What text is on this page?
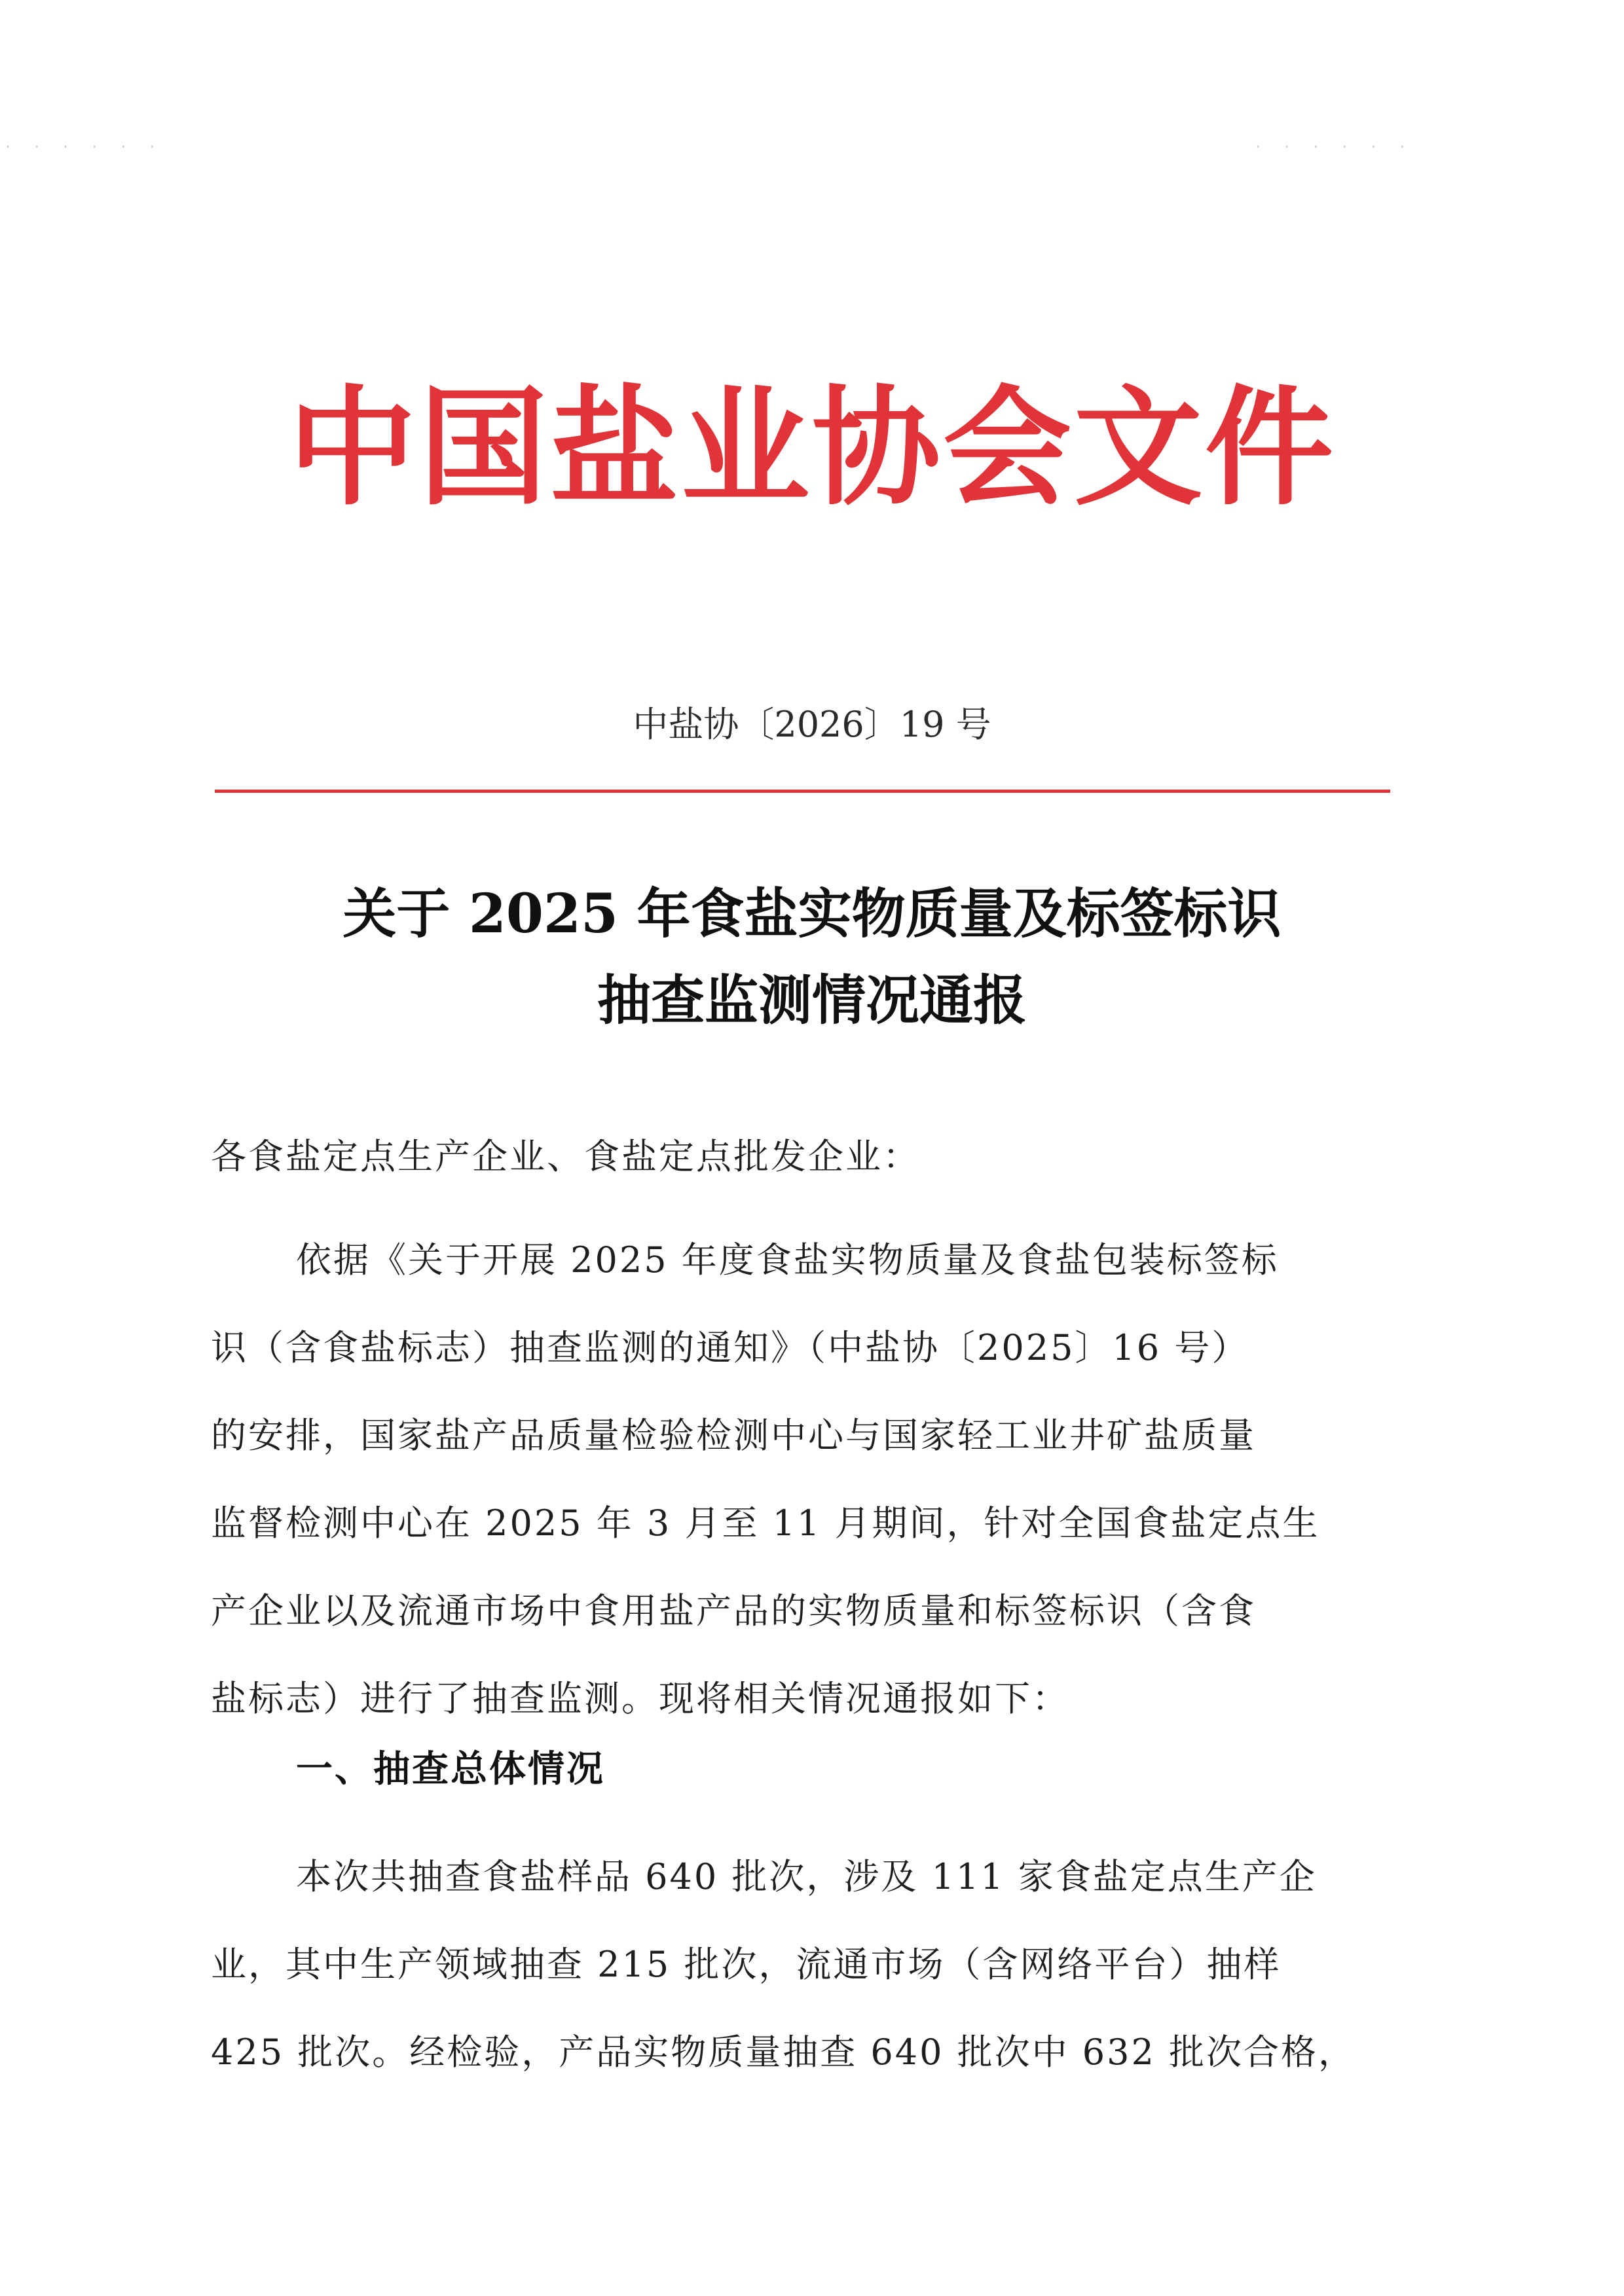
· · · · · ·	· · · · · ·
中国盐业协会文件
中盐协〔2026〕19 号
关于 2025 年食盐实物质量及标签标识
抽查监测情况通报
各食盐定点生产企业、食盐定点批发企业：
依据《关于开展 2025 年度食盐实物质量及食盐包装标签标
识（含食盐标志）抽查监测的通知》（中盐协〔2025〕16 号）
的安排，国家盐产品质量检验检测中心与国家轻工业井矿盐质量
监督检测中心在 2025 年 3 月至 11 月期间，针对全国食盐定点生
产企业以及流通市场中食用盐产品的实物质量和标签标识（含食
盐标志）进行了抽查监测。现将相关情况通报如下：
一、抽查总体情况
本次共抽查食盐样品 640 批次，涉及 111 家食盐定点生产企
业，其中生产领域抽查 215 批次，流通市场（含网络平台）抽样
425 批次。经检验，产品实物质量抽查 640 批次中 632 批次合格，
